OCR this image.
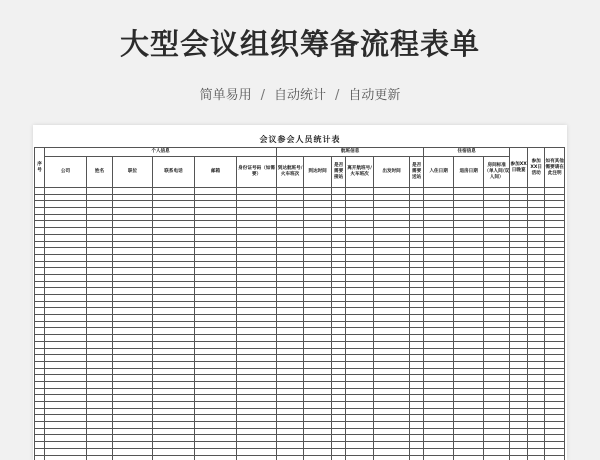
大型会议组织筹备流程表单
简单易用 / 自动统计 / 自动更新
会议参会人员统计表
序号	个人信息						航班信息						住宿信息			参加XX日晚宴	参加XX日活动	如有其他需要请在此注明
	公司	姓名	职位	联系电话	邮箱	身份证号码（如需要）	到达航班号/火车班次	到达时间	是否需要接站	离开航班号/火车班次	出发时间	是否需要送站	入住日期	退房日期	房间标准（单人间/双人间）			
